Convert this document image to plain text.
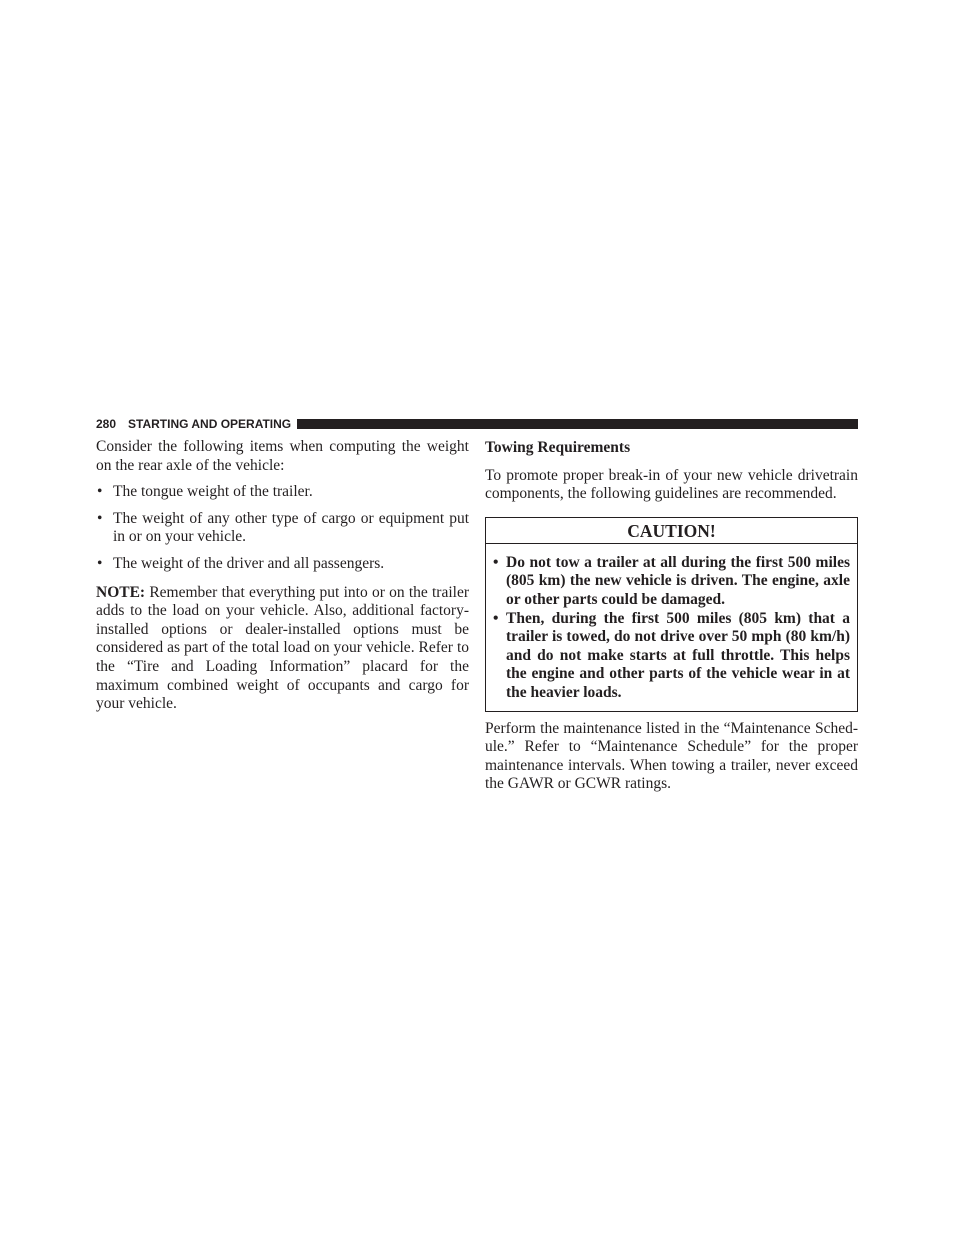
280 STARTING AND OPERATING

Consider the following items when computing the weight on the rear axle of the vehicle:

• The tongue weight of the trailer.
• The weight of any other type of cargo or equipment put in or on your vehicle.
• The weight of the driver and all passengers.

NOTE: Remember that everything put into or on the trailer adds to the load on your vehicle. Also, additional factory-installed options or dealer-installed options must be considered as part of the total load on your vehicle. Refer to the “Tire and Loading Information” placard for the maximum combined weight of occupants and cargo for your vehicle.

Towing Requirements

To promote proper break-in of your new vehicle drivetrain components, the following guidelines are recommended.

CAUTION!
• Do not tow a trailer at all during the first 500 miles (805 km) the new vehicle is driven. The engine, axle or other parts could be damaged.
• Then, during the first 500 miles (805 km) that a trailer is towed, do not drive over 50 mph (80 km/h) and do not make starts at full throttle. This helps the engine and other parts of the vehicle wear in at the heavier loads.

Perform the maintenance listed in the “Maintenance Schedule.” Refer to “Maintenance Schedule” for the proper maintenance intervals. When towing a trailer, never exceed the GAWR or GCWR ratings.
